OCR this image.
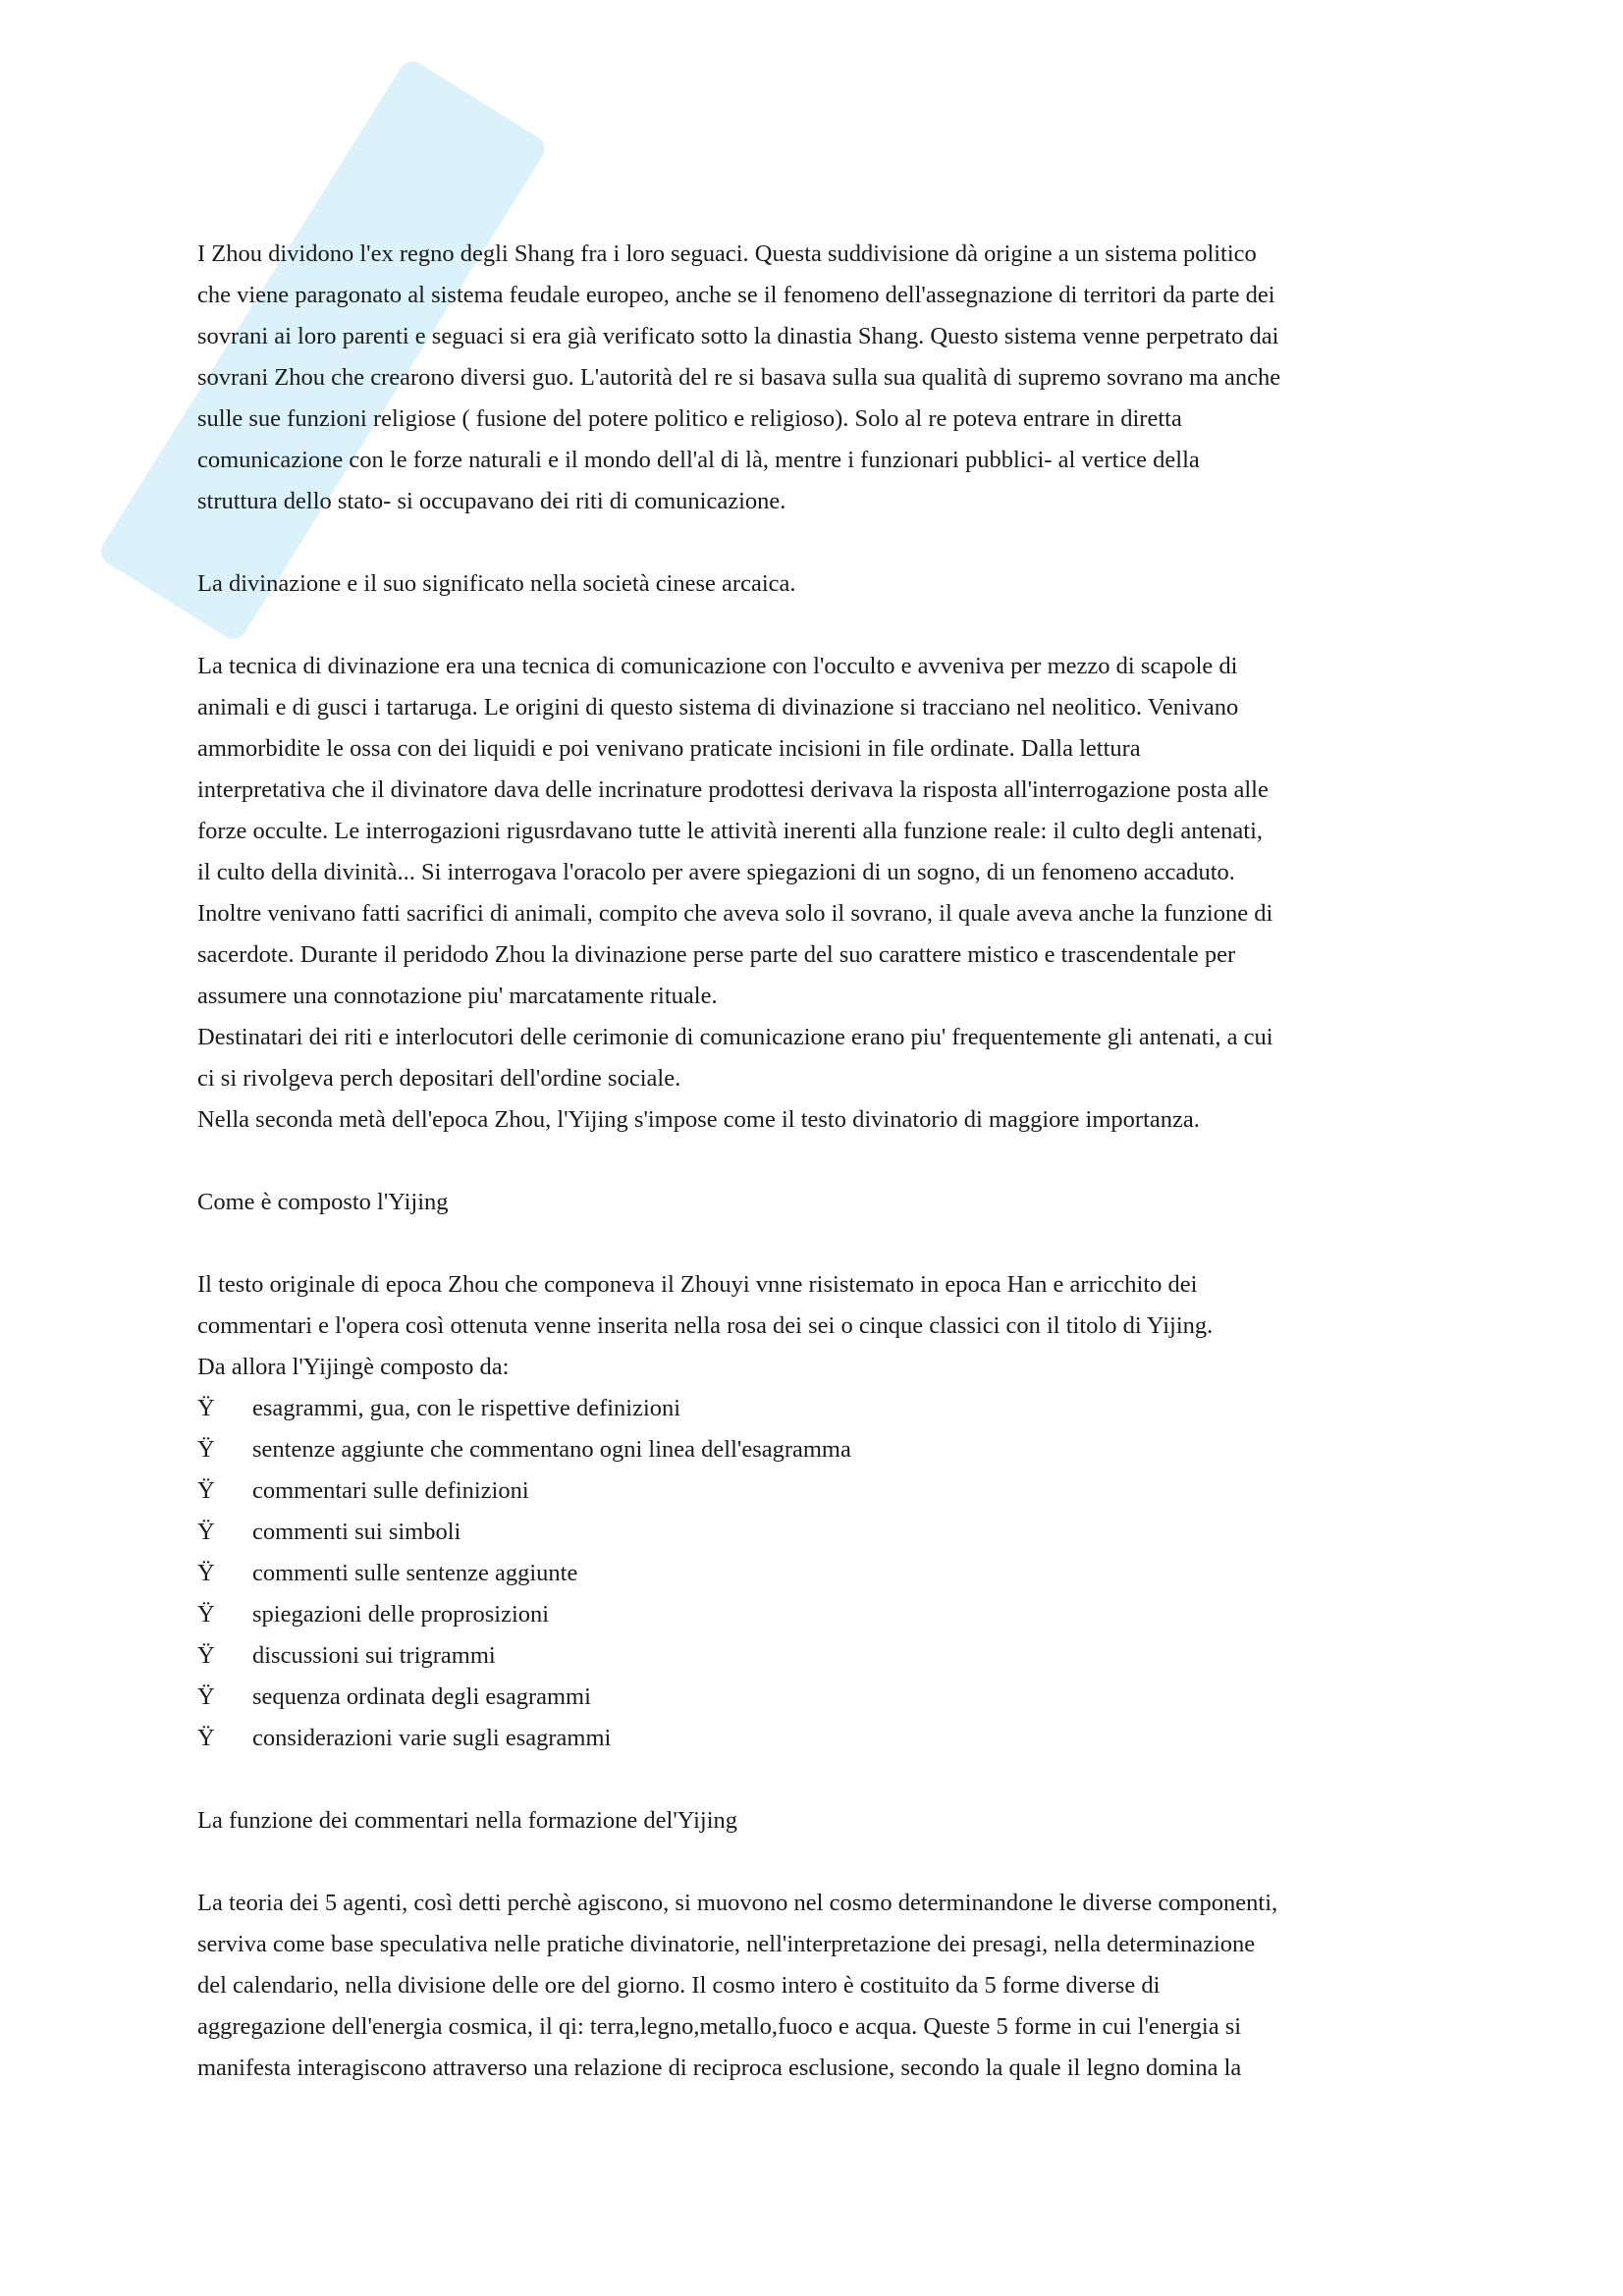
I Zhou dividono l'ex regno degli Shang fra i loro seguaci. Questa suddivisione dà origine a un sistema politico

che viene paragonato al sistema feudale europeo, anche se il fenomeno dell'assegnazione di territori da parte dei

sovrani ai loro parenti e seguaci si era già verificato sotto la dinastia Shang. Questo sistema venne perpetrato dai

sovrani Zhou che crearono diversi guo. L'autorità del re si basava sulla sua qualità di supremo sovrano ma anche

sulle sue funzioni religiose ( fusione del potere politico e religioso). Solo al re poteva entrare in diretta

comunicazione con le forze naturali e il mondo dell'al di là, mentre i funzionari pubblici- al vertice della

struttura dello stato- si occupavano dei riti di comunicazione.

La divinazione e il suo significato nella società cinese arcaica.

La tecnica di divinazione era una tecnica di comunicazione con l'occulto e avveniva per mezzo di scapole di

animali e di gusci i tartaruga. Le origini di questo sistema di divinazione si tracciano nel neolitico. Venivano

ammorbidite le ossa con dei liquidi e poi venivano praticate incisioni in file ordinate. Dalla lettura

interpretativa che il divinatore dava delle incrinature prodottesi derivava la risposta all'interrogazione posta alle

forze occulte. Le interrogazioni rigusrdavano tutte le attività inerenti alla funzione reale: il culto degli antenati,

il culto della divinità... Si interrogava l'oracolo per avere spiegazioni di un sogno, di un fenomeno accaduto.

Inoltre venivano fatti sacrifici di animali, compito che aveva solo il sovrano, il quale aveva anche la funzione di

sacerdote. Durante il peridodo Zhou la divinazione perse parte del suo carattere mistico e trascendentale per

assumere una connotazione piu' marcatamente rituale.

Destinatari dei riti e interlocutori delle cerimonie di comunicazione erano piu' frequentemente gli antenati, a cui

ci si rivolgeva perch depositari dell'ordine sociale.

Nella seconda metà dell'epoca Zhou, l'Yijing s'impose come il testo divinatorio di maggiore importanza.

Come è composto l'Yijing

Il testo originale di epoca Zhou che componeva il Zhouyi vnne risistemato in epoca Han e arricchito dei

commentari e l'opera così ottenuta venne inserita nella rosa dei sei o cinque classici con il titolo di Yijing.

Da allora l'Yijingè composto da:

Ÿ esagrammi, gua, con le rispettive definizioni
Ÿ sentenze aggiunte che commentano ogni linea dell'esagramma
Ÿ commentari sulle definizioni
Ÿ commenti sui simboli
Ÿ commenti sulle sentenze aggiunte
Ÿ spiegazioni delle proprosizioni
Ÿ discussioni sui trigrammi
Ÿ sequenza ordinata degli esagrammi
Ÿ considerazioni varie sugli esagrammi

La funzione dei commentari nella formazione del'Yijing

La teoria dei 5 agenti, così detti perchè agiscono, si muovono nel cosmo determinandone le diverse componenti,

serviva come base speculativa nelle pratiche divinatorie, nell'interpretazione dei presagi, nella determinazione

del calendario, nella divisione delle ore del giorno. Il cosmo intero è costituito da 5 forme diverse di

aggregazione dell'energia cosmica, il qi: terra,legno,metallo,fuoco e acqua. Queste 5 forme in cui l'energia si

manifesta interagiscono attraverso una relazione di reciproca esclusione, secondo la quale il legno domina la
